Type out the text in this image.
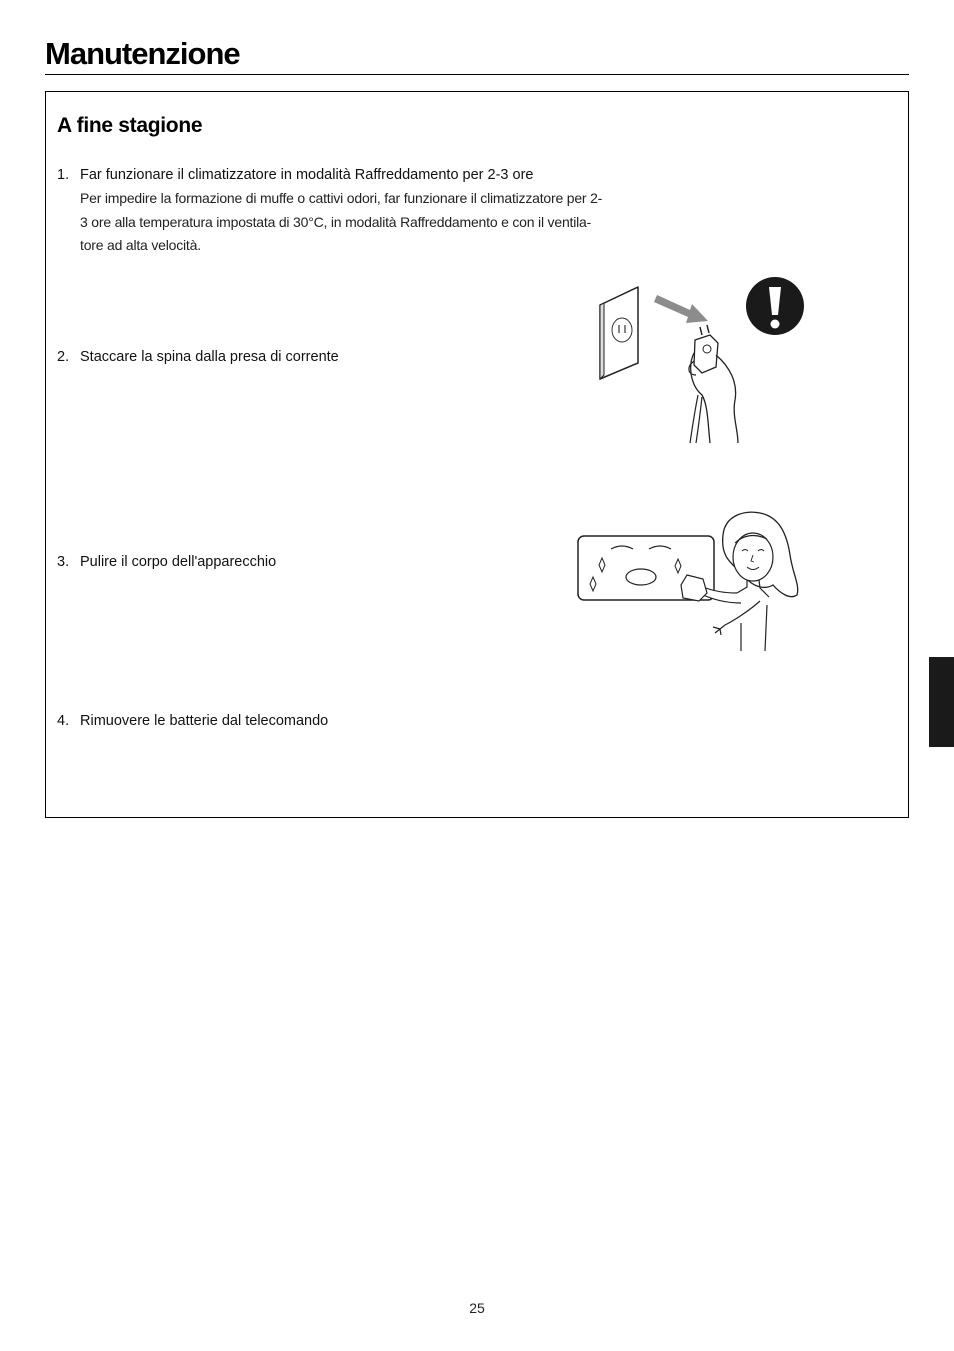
Manutenzione
A fine stagione
1. Far funzionare il climatizzatore in modalità Raffreddamento per 2-3 ore
Per impedire la formazione di muffe o cattivi odori, far funzionare il climatizzatore per 2-
3 ore alla temperatura impostata di 30°C, in modalità Raffreddamento e con il ventila-
tore ad alta velocità.
2. Staccare la spina dalla presa di corrente
3. Pulire il corpo dell'apparecchio
4. Rimuovere le batterie dal telecomando
25
